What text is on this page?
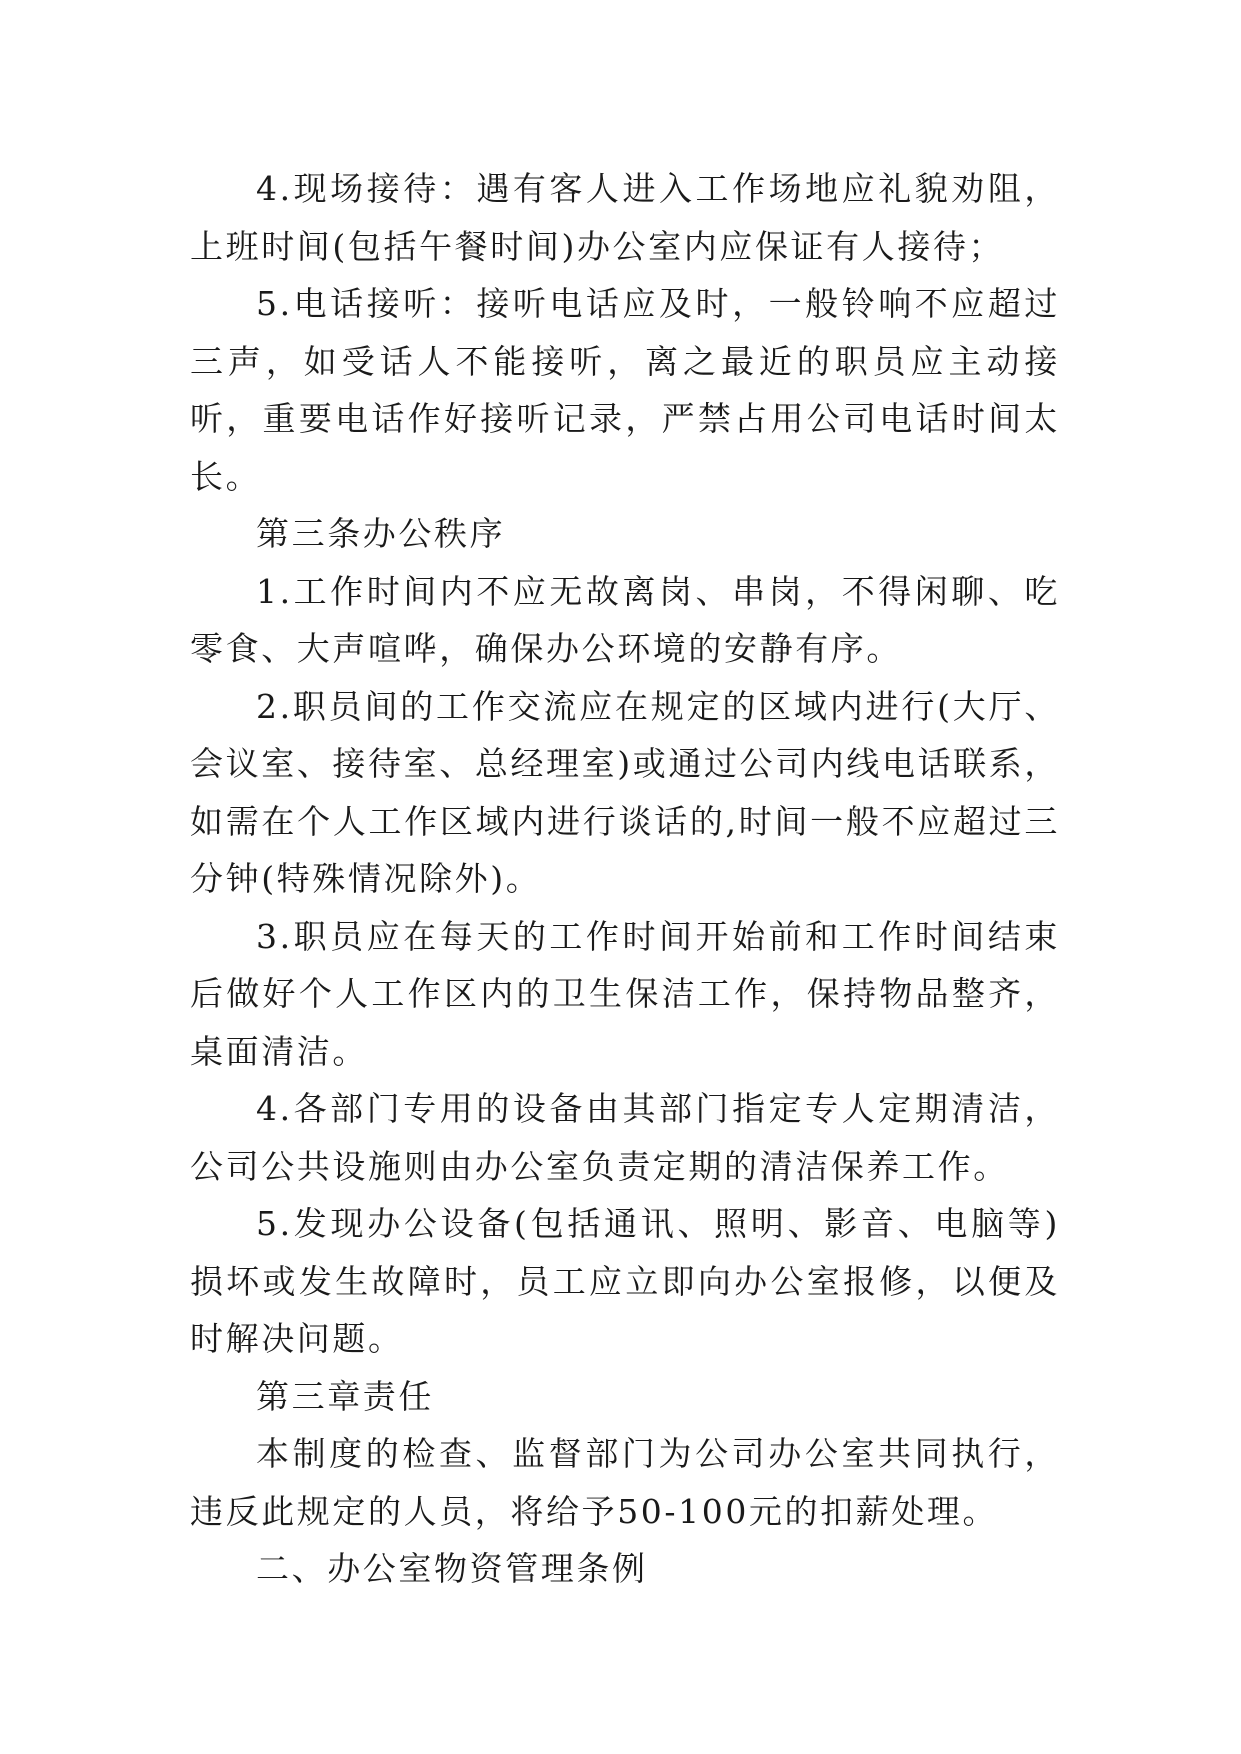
4.现场接待：遇有客人进入工作场地应礼貌劝阻，上班时间(包括午餐时间)办公室内应保证有人接待；

5.电话接听：接听电话应及时，一般铃响不应超过三声，如受话人不能接听，离之最近的职员应主动接听，重要电话作好接听记录，严禁占用公司电话时间太长。

第三条办公秩序

1.工作时间内不应无故离岗、串岗，不得闲聊、吃零食、大声喧哗，确保办公环境的安静有序。

2.职员间的工作交流应在规定的区域内进行(大厅、会议室、接待室、总经理室)或通过公司内线电话联系，如需在个人工作区域内进行谈话的,时间一般不应超过三分钟(特殊情况除外)。

3.职员应在每天的工作时间开始前和工作时间结束后做好个人工作区内的卫生保洁工作，保持物品整齐，桌面清洁。

4.各部门专用的设备由其部门指定专人定期清洁，公司公共设施则由办公室负责定期的清洁保养工作。

5.发现办公设备(包括通讯、照明、影音、电脑等)损坏或发生故障时，员工应立即向办公室报修，以便及时解决问题。

第三章责任

本制度的检查、监督部门为公司办公室共同执行，违反此规定的人员，将给予50-100元的扣薪处理。

二、办公室物资管理条例
